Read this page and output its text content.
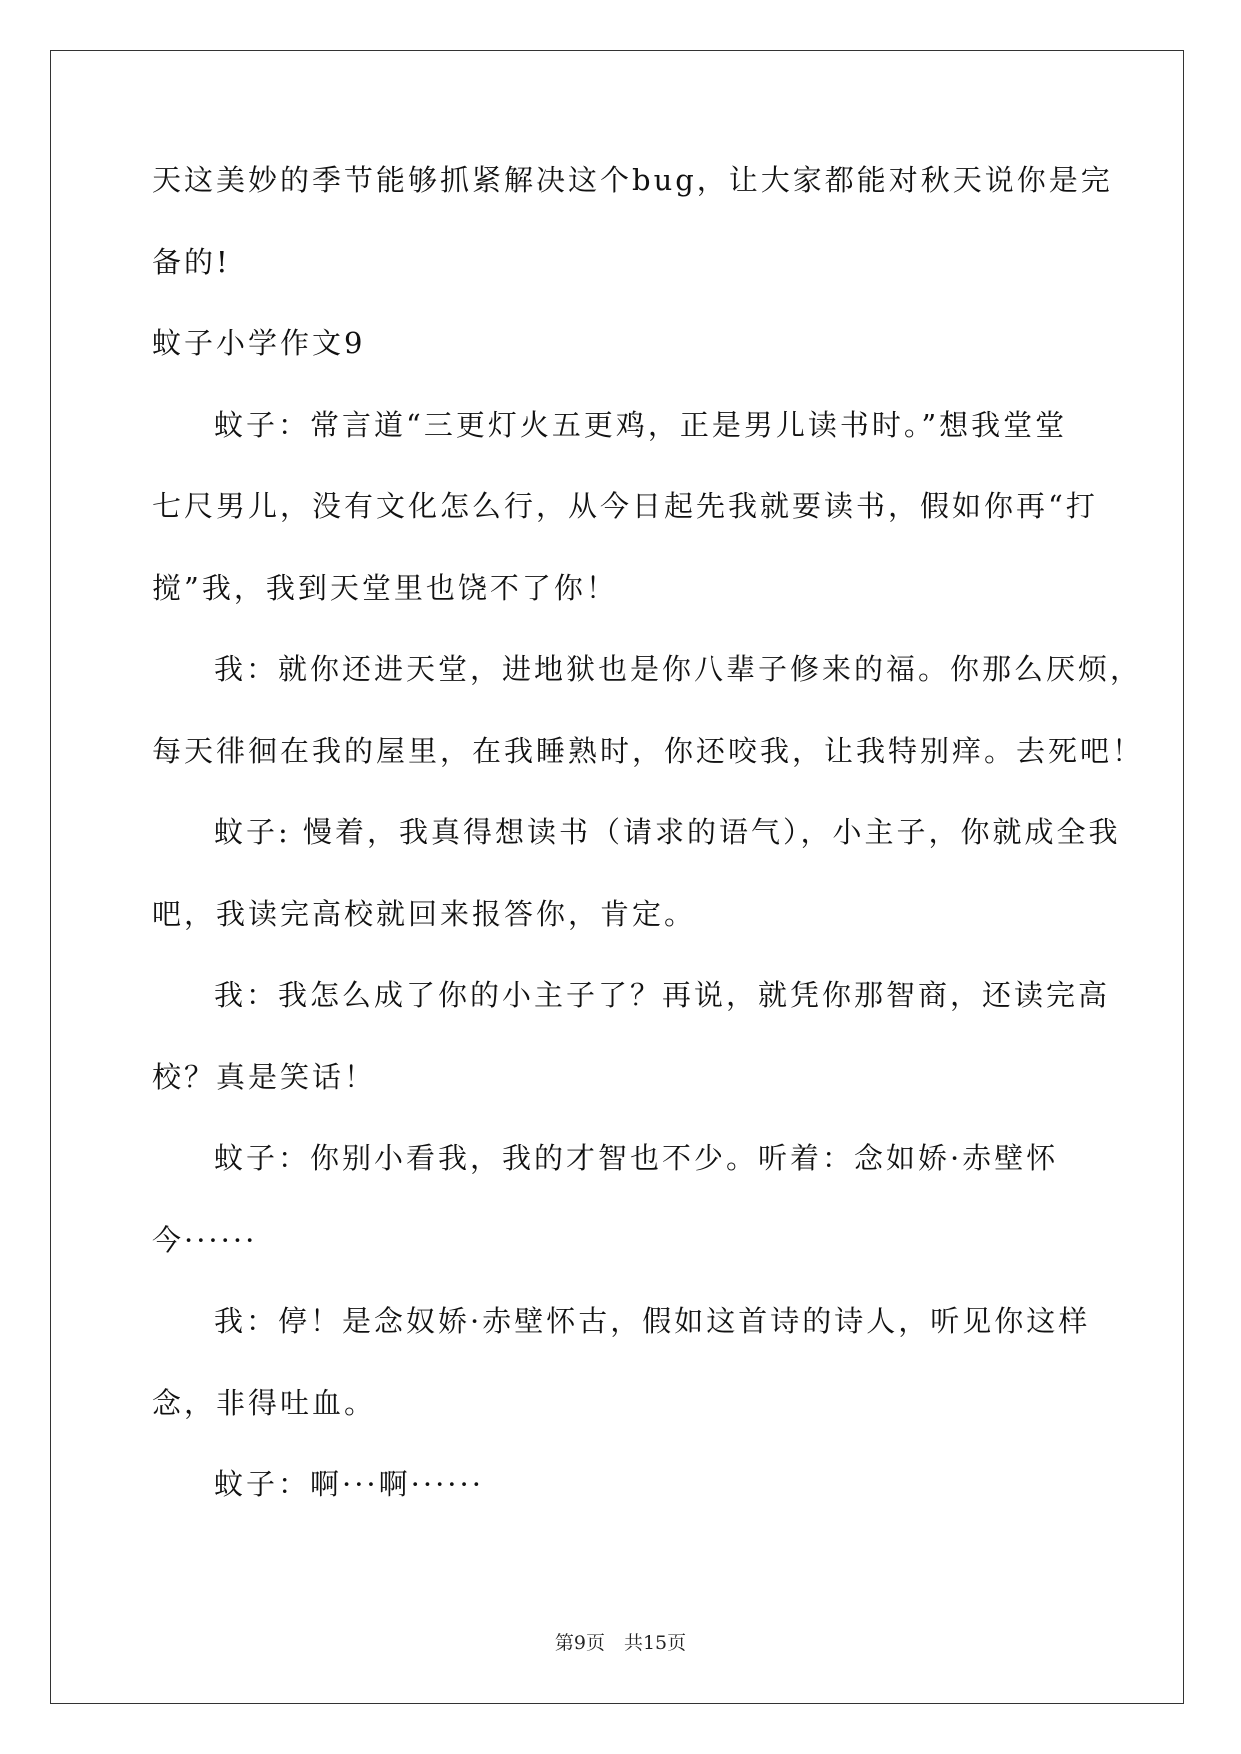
天这美妙的季节能够抓紧解决这个bug，让大家都能对秋天说你是完
备的!
蚊子小学作文9
蚊子：常言道“三更灯火五更鸡，正是男儿读书时。”想我堂堂
七尺男儿，没有文化怎么行，从今日起先我就要读书，假如你再“打
搅”我，我到天堂里也饶不了你！
我：就你还进天堂，进地狱也是你八辈子修来的福。你那么厌烦，
每天徘徊在我的屋里，在我睡熟时，你还咬我，让我特别痒。去死吧！
蚊子: 慢着，我真得想读书（请求的语气），小主子，你就成全我
吧，我读完高校就回来报答你，肯定。
我：我怎么成了你的小主子了？再说，就凭你那智商，还读完高
校？真是笑话！
蚊子：你别小看我，我的才智也不少。听着：念如娇·赤壁怀
今······
我：停！是念奴娇·赤壁怀古，假如这首诗的诗人，听见你这样
念，非得吐血。
蚊子：啊···啊······
第9页　共15页
